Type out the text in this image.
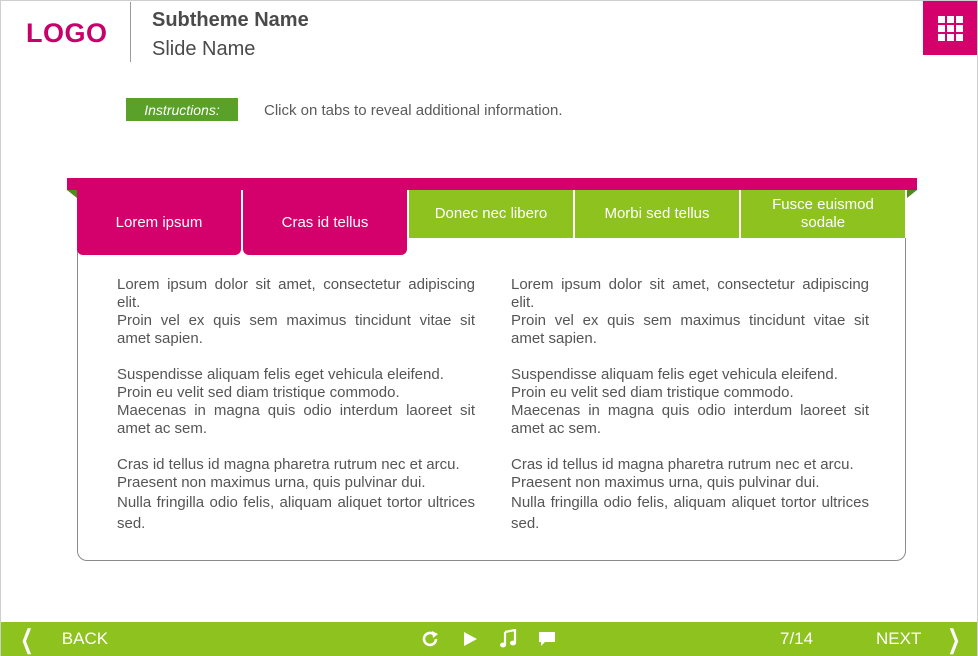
LOGO Subtheme Name
Slide Name
Instructions:	Click on tabs to reveal additional information.
Lorem ipsum	Cras id tellus	Donec nec libero	Morbi sed tellus
Fusce euismod sodale

Lorem ipsum dolor sit amet, consectetur adipiscing elit.
Proin vel ex quis sem maximus tincidunt vitae sit amet sapien.

Suspendisse aliquam felis eget vehicula eleifend.
Proin eu velit sed diam tristique commodo.
Maecenas in magna quis odio interdum laoreet sit amet ac sem.

Cras id tellus id magna pharetra rutrum nec et arcu.
Praesent non maximus urna, quis pulvinar dui.
Nulla fringilla odio felis, aliquam aliquet tortor ultrices sed.

Lorem ipsum dolor sit amet, consectetur adipiscing elit.
Proin vel ex quis sem maximus tincidunt vitae sit amet sapien.

Suspendisse aliquam felis eget vehicula eleifend.
Proin eu velit sed diam tristique commodo.
Maecenas in magna quis odio interdum laoreet sit amet ac sem.

Cras id tellus id magna pharetra rutrum nec et arcu.
Praesent non maximus urna, quis pulvinar dui.
Nulla fringilla odio felis, aliquam aliquet tortor ultrices sed.

❮ BACK	7/14	NEXT ❯
